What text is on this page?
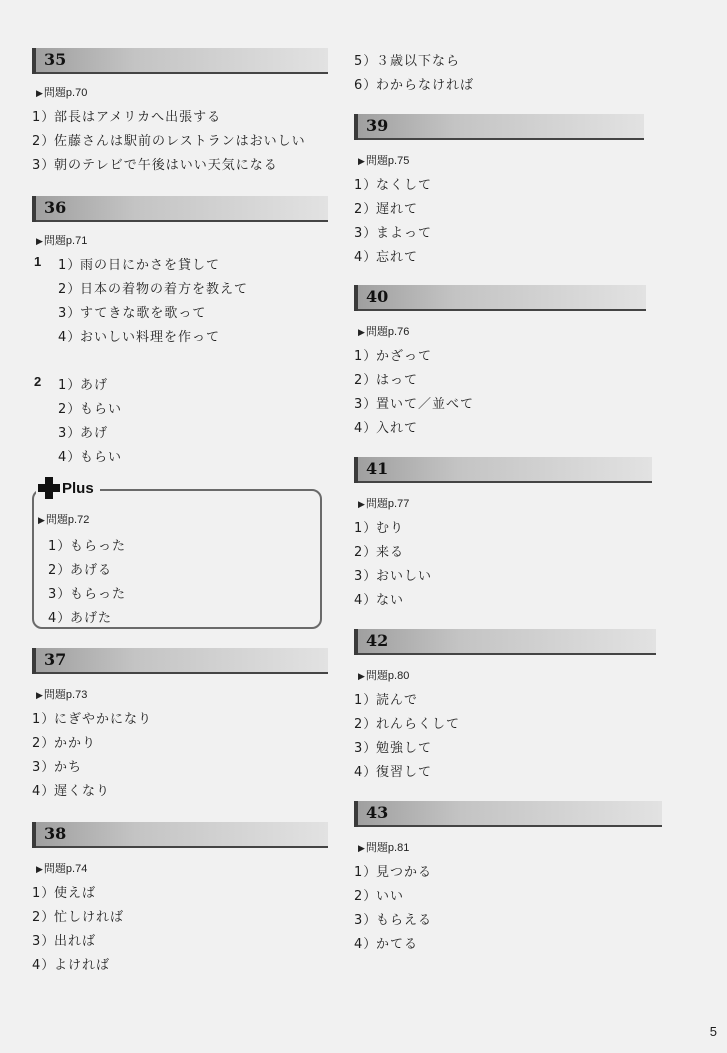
35
▶問題p.70
1）部長はアメリカへ出張する
2）佐藤さんは駅前のレストランはおいしい
3）朝のテレビで午後はいい天気になる
36
▶問題p.71
1 1）雨の日にかさを貸して
2）日本の着物の着方を教えて
3）すてきな歌を歌って
4）おいしい料理を作って
2 1）あげ
2）もらい
3）あげ
4）もらい
Plus
▶問題p.72
1）もらった
2）あげる
3）もらった
4）あげた
37
▶問題p.73
1）にぎやかになり
2）かかり
3）かち
4）遅くなり
38
▶問題p.74
1）使えば
2）忙しければ
3）出れば
4）よければ
5）３歳以下なら
6）わからなければ
39
▶問題p.75
1）なくして
2）遅れて
3）まよって
4）忘れて
40
▶問題p.76
1）かざって
2）はって
3）置いて／並べて
4）入れて
41
▶問題p.77
1）むり
2）来る
3）おいしい
4）ない
42
▶問題p.80
1）読んで
2）れんらくして
3）勉強して
4）復習して
43
▶問題p.81
1）見つかる
2）いい
3）もらえる
4）かてる
5
